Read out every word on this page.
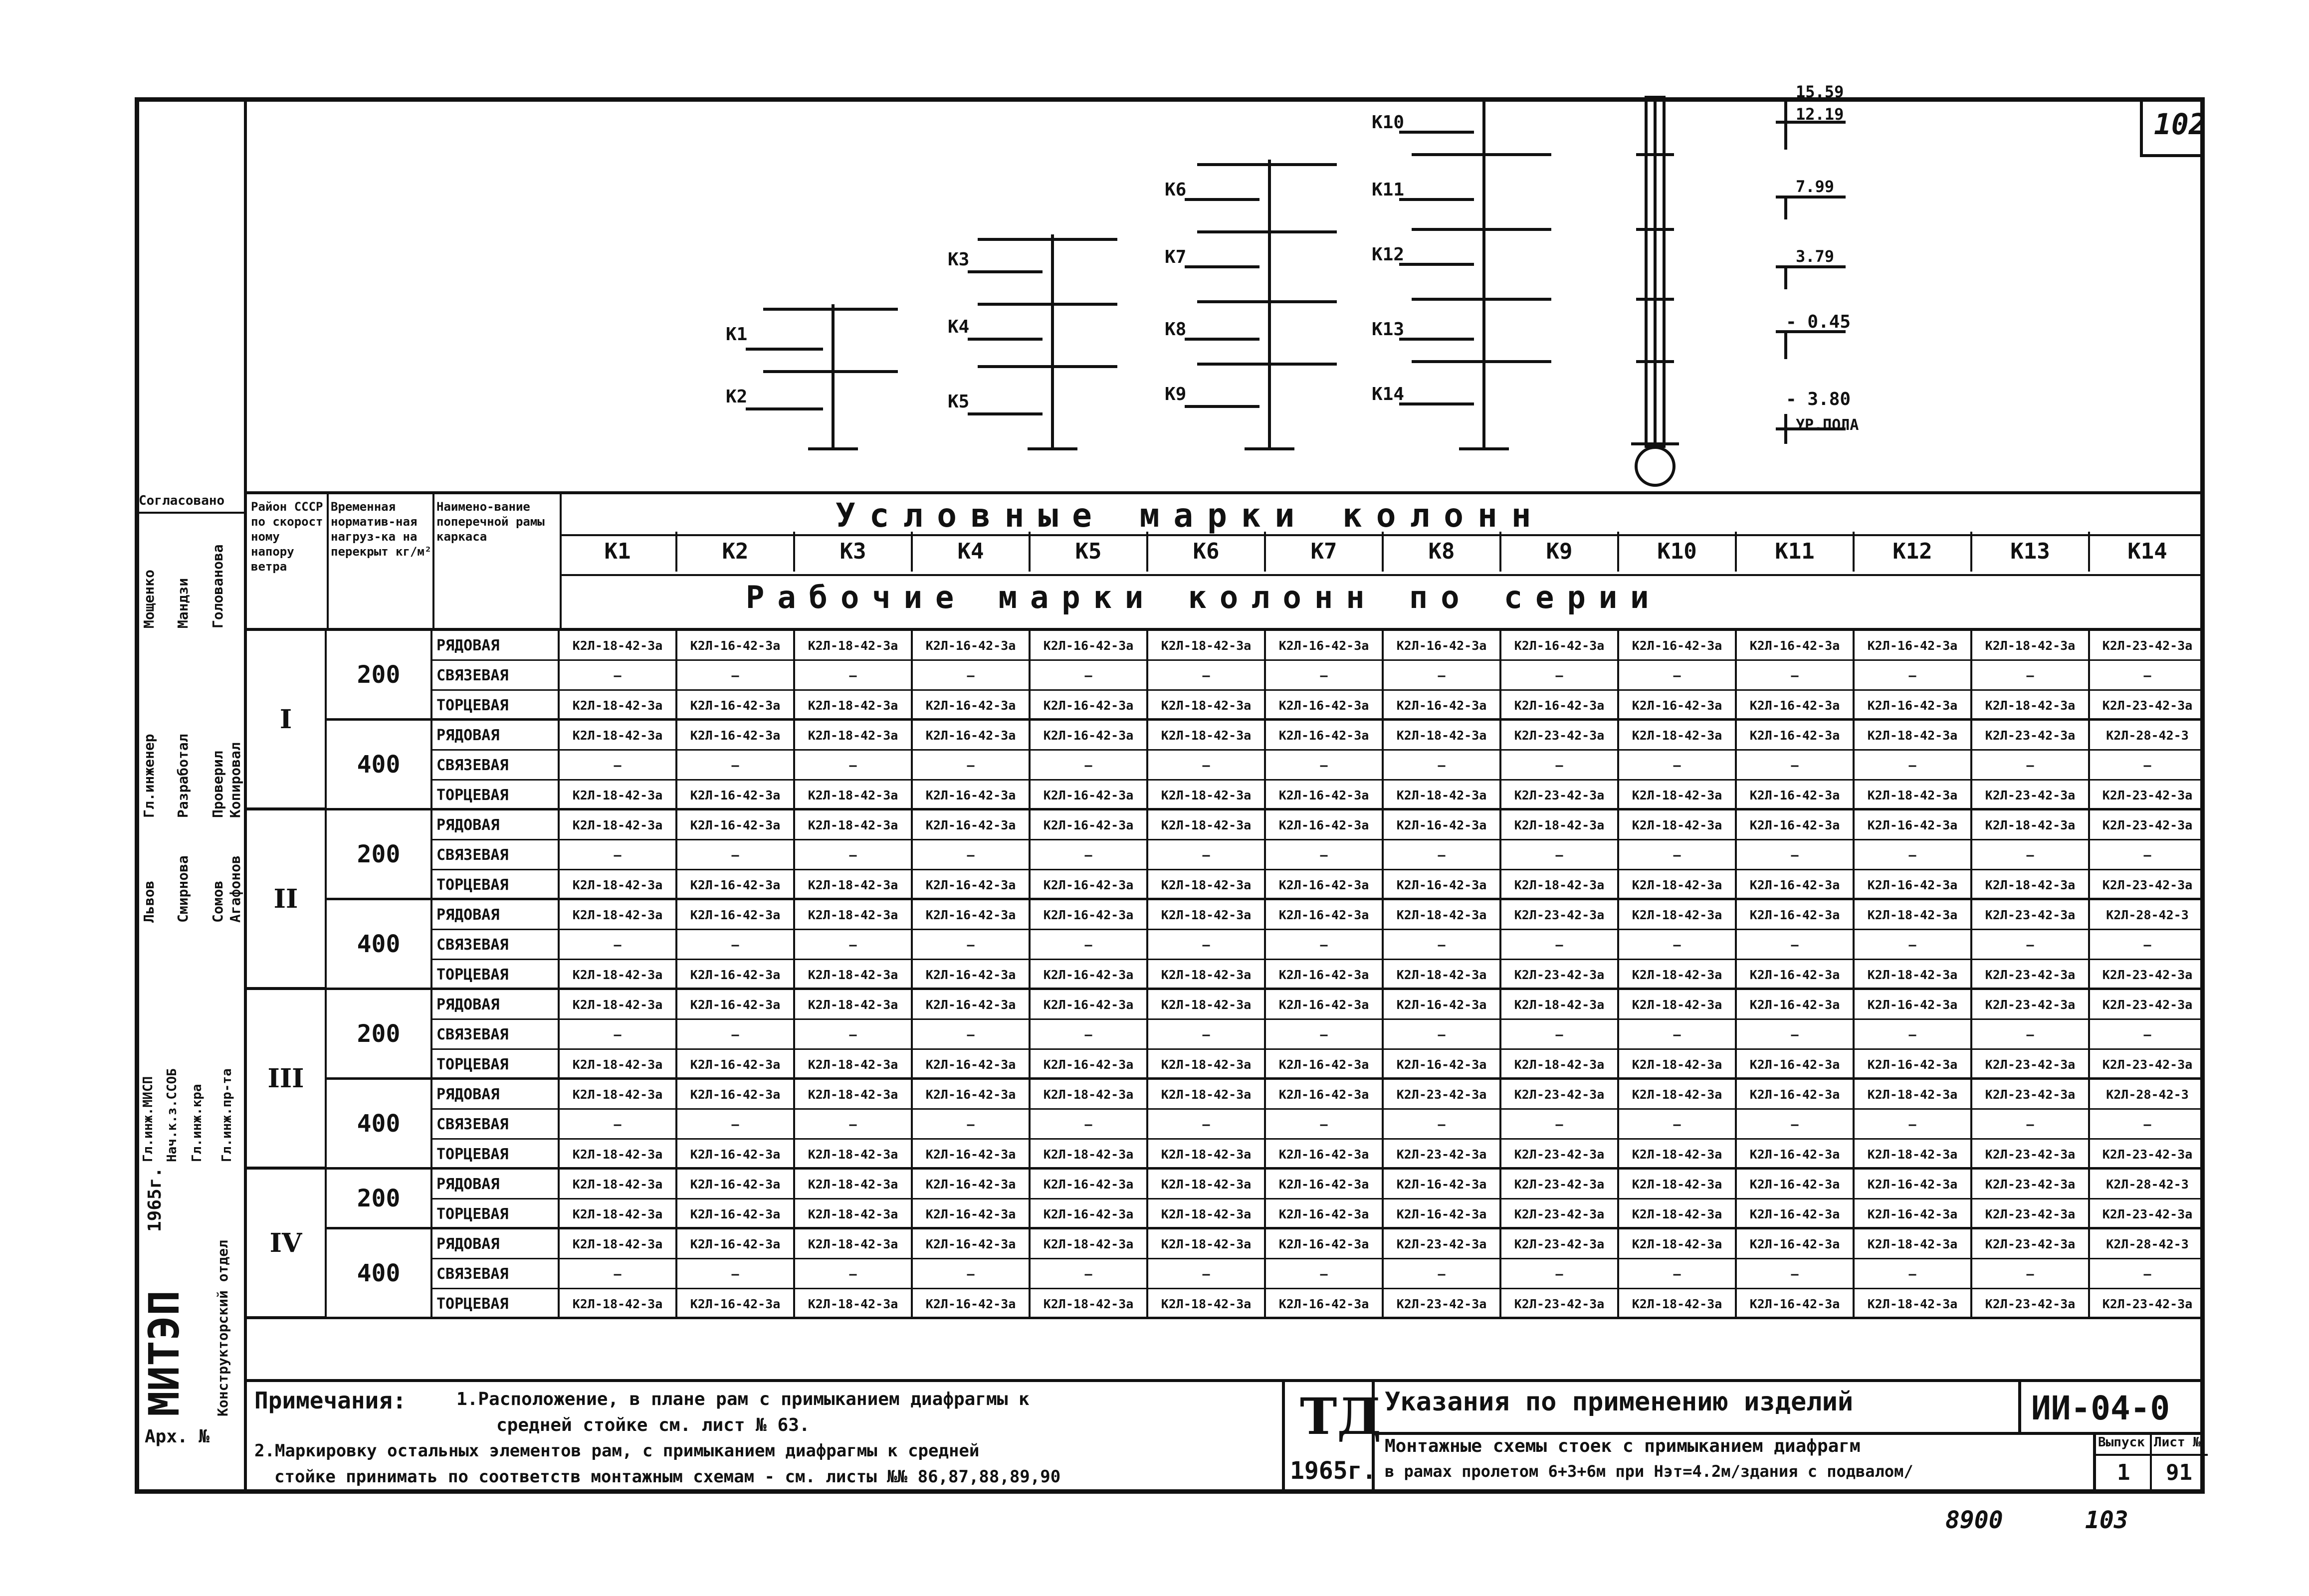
102
К1
К2
К3
К4
К5
К6
К7
К8
К9
К10
К11
К12
К13
К14
15.59
12.19
7.99
3.79
- 0.45
- 3.80
УР.ПОЛА
Согласовано
Мощенко Мандзи Голованова
Гл.инженер Разработал Проверил Копировал
Львов Смирнова Сомов Агафонов
Гл.инж.МИСП Нач.к.з.ССОБ Гл.инж.кра Гл.инж.пр-та
1965г.
МИТЭП Конструкторский отдел
Арх. №
Район СССР по скорост ному напору ветра
Временная норматив-ная нагруз-ка на перекрыт кг/м²
Наимено-вание поперечной рамы каркаса
Условные марки колонн
Рабочие марки колонн по серии
K1	K2	K3	K4	K5	K6	K7	K8	K9	K10	K11	K12	K13	K14
РЯДОВАЯ	К2Л-18-42-3а	К2Л-16-42-3а	К2Л-18-42-3а	К2Л-16-42-3а	К2Л-16-42-3а	К2Л-18-42-3а	К2Л-16-42-3а	К2Л-16-42-3а	К2Л-16-42-3а	К2Л-16-42-3а	К2Л-16-42-3а	К2Л-16-42-3а	К2Л-18-42-3а	К2Л-23-42-3а
СВЯЗЕВАЯ	—	—	—	—	—	—	—	—	—	—	—	—	—	—
ТОРЦЕВАЯ	К2Л-18-42-3а	К2Л-16-42-3а	К2Л-18-42-3а	К2Л-16-42-3а	К2Л-16-42-3а	К2Л-18-42-3а	К2Л-16-42-3а	К2Л-16-42-3а	К2Л-16-42-3а	К2Л-16-42-3а	К2Л-16-42-3а	К2Л-16-42-3а	К2Л-18-42-3а	К2Л-23-42-3а
200
РЯДОВАЯ	К2Л-18-42-3а	К2Л-16-42-3а	К2Л-18-42-3а	К2Л-16-42-3а	К2Л-16-42-3а	К2Л-18-42-3а	К2Л-16-42-3а	К2Л-18-42-3а	К2Л-23-42-3а	К2Л-18-42-3а	К2Л-16-42-3а	К2Л-18-42-3а	К2Л-23-42-3а	К2Л-28-42-3
СВЯЗЕВАЯ	—	—	—	—	—	—	—	—	—	—	—	—	—	—
ТОРЦЕВАЯ	К2Л-18-42-3а	К2Л-16-42-3а	К2Л-18-42-3а	К2Л-16-42-3а	К2Л-16-42-3а	К2Л-18-42-3а	К2Л-16-42-3а	К2Л-18-42-3а	К2Л-23-42-3а	К2Л-18-42-3а	К2Л-16-42-3а	К2Л-18-42-3а	К2Л-23-42-3а	К2Л-23-42-3а
400
I
РЯДОВАЯ	К2Л-18-42-3а	К2Л-16-42-3а	К2Л-18-42-3а	К2Л-16-42-3а	К2Л-16-42-3а	К2Л-18-42-3а	К2Л-16-42-3а	К2Л-16-42-3а	К2Л-18-42-3а	К2Л-18-42-3а	К2Л-16-42-3а	К2Л-16-42-3а	К2Л-18-42-3а	К2Л-23-42-3а
СВЯЗЕВАЯ	—	—	—	—	—	—	—	—	—	—	—	—	—	—
ТОРЦЕВАЯ	К2Л-18-42-3а	К2Л-16-42-3а	К2Л-18-42-3а	К2Л-16-42-3а	К2Л-16-42-3а	К2Л-18-42-3а	К2Л-16-42-3а	К2Л-16-42-3а	К2Л-18-42-3а	К2Л-18-42-3а	К2Л-16-42-3а	К2Л-16-42-3а	К2Л-18-42-3а	К2Л-23-42-3а
200
РЯДОВАЯ	К2Л-18-42-3а	К2Л-16-42-3а	К2Л-18-42-3а	К2Л-16-42-3а	К2Л-16-42-3а	К2Л-18-42-3а	К2Л-16-42-3а	К2Л-18-42-3а	К2Л-23-42-3а	К2Л-18-42-3а	К2Л-16-42-3а	К2Л-18-42-3а	К2Л-23-42-3а	К2Л-28-42-3
СВЯЗЕВАЯ	—	—	—	—	—	—	—	—	—	—	—	—	—	—
ТОРЦЕВАЯ	К2Л-18-42-3а	К2Л-16-42-3а	К2Л-18-42-3а	К2Л-16-42-3а	К2Л-16-42-3а	К2Л-18-42-3а	К2Л-16-42-3а	К2Л-18-42-3а	К2Л-23-42-3а	К2Л-18-42-3а	К2Л-16-42-3а	К2Л-18-42-3а	К2Л-23-42-3а	К2Л-23-42-3а
400
II
РЯДОВАЯ	К2Л-18-42-3а	К2Л-16-42-3а	К2Л-18-42-3а	К2Л-16-42-3а	К2Л-16-42-3а	К2Л-18-42-3а	К2Л-16-42-3а	К2Л-16-42-3а	К2Л-18-42-3а	К2Л-18-42-3а	К2Л-16-42-3а	К2Л-16-42-3а	К2Л-23-42-3а	К2Л-23-42-3а
СВЯЗЕВАЯ	—	—	—	—	—	—	—	—	—	—	—	—	—	—
ТОРЦЕВАЯ	К2Л-18-42-3а	К2Л-16-42-3а	К2Л-18-42-3а	К2Л-16-42-3а	К2Л-16-42-3а	К2Л-18-42-3а	К2Л-16-42-3а	К2Л-16-42-3а	К2Л-18-42-3а	К2Л-18-42-3а	К2Л-16-42-3а	К2Л-16-42-3а	К2Л-23-42-3а	К2Л-23-42-3а
200
РЯДОВАЯ	К2Л-18-42-3а	К2Л-16-42-3а	К2Л-18-42-3а	К2Л-16-42-3а	К2Л-18-42-3а	К2Л-18-42-3а	К2Л-16-42-3а	К2Л-23-42-3а	К2Л-23-42-3а	К2Л-18-42-3а	К2Л-16-42-3а	К2Л-18-42-3а	К2Л-23-42-3а	К2Л-28-42-3
СВЯЗЕВАЯ	—	—	—	—	—	—	—	—	—	—	—	—	—	—
ТОРЦЕВАЯ	К2Л-18-42-3а	К2Л-16-42-3а	К2Л-18-42-3а	К2Л-16-42-3а	К2Л-18-42-3а	К2Л-18-42-3а	К2Л-16-42-3а	К2Л-23-42-3а	К2Л-23-42-3а	К2Л-18-42-3а	К2Л-16-42-3а	К2Л-18-42-3а	К2Л-23-42-3а	К2Л-23-42-3а
400
III
РЯДОВАЯ	К2Л-18-42-3а	К2Л-16-42-3а	К2Л-18-42-3а	К2Л-16-42-3а	К2Л-16-42-3а	К2Л-18-42-3а	К2Л-16-42-3а	К2Л-16-42-3а	К2Л-23-42-3а	К2Л-18-42-3а	К2Л-16-42-3а	К2Л-16-42-3а	К2Л-23-42-3а	К2Л-28-42-3
ТОРЦЕВАЯ	К2Л-18-42-3а	К2Л-16-42-3а	К2Л-18-42-3а	К2Л-16-42-3а	К2Л-16-42-3а	К2Л-18-42-3а	К2Л-16-42-3а	К2Л-16-42-3а	К2Л-23-42-3а	К2Л-18-42-3а	К2Л-16-42-3а	К2Л-16-42-3а	К2Л-23-42-3а	К2Л-23-42-3а
200
РЯДОВАЯ	К2Л-18-42-3а	К2Л-16-42-3а	К2Л-18-42-3а	К2Л-16-42-3а	К2Л-18-42-3а	К2Л-18-42-3а	К2Л-16-42-3а	К2Л-23-42-3а	К2Л-23-42-3а	К2Л-18-42-3а	К2Л-16-42-3а	К2Л-18-42-3а	К2Л-23-42-3а	К2Л-28-42-3
СВЯЗЕВАЯ	—	—	—	—	—	—	—	—	—	—	—	—	—	—
ТОРЦЕВАЯ	К2Л-18-42-3а	К2Л-16-42-3а	К2Л-18-42-3а	К2Л-16-42-3а	К2Л-18-42-3а	К2Л-18-42-3а	К2Л-16-42-3а	К2Л-23-42-3а	К2Л-23-42-3а	К2Л-18-42-3а	К2Л-16-42-3а	К2Л-18-42-3а	К2Л-23-42-3а	К2Л-23-42-3а
400
IV
Примечания:	1.Расположение, в плане рам с примыканием диафрагмы к
средней стойке см. лист № 63.
2.Маркировку остальных элементов рам, с примыканием диафрагмы к средней
стойке принимать по соответств монтажным схемам - см. листы №№ 86,87,88,89,90
ТД
1965г.
Указания по применению изделий	ИИ-04-0
Монтажные схемы стоек с примыканием диафрагм
в рамах пролетом 6+3+6м при Нэт=4.2м/здания с подвалом/
Выпуск Лист №
1 91
8900	103
